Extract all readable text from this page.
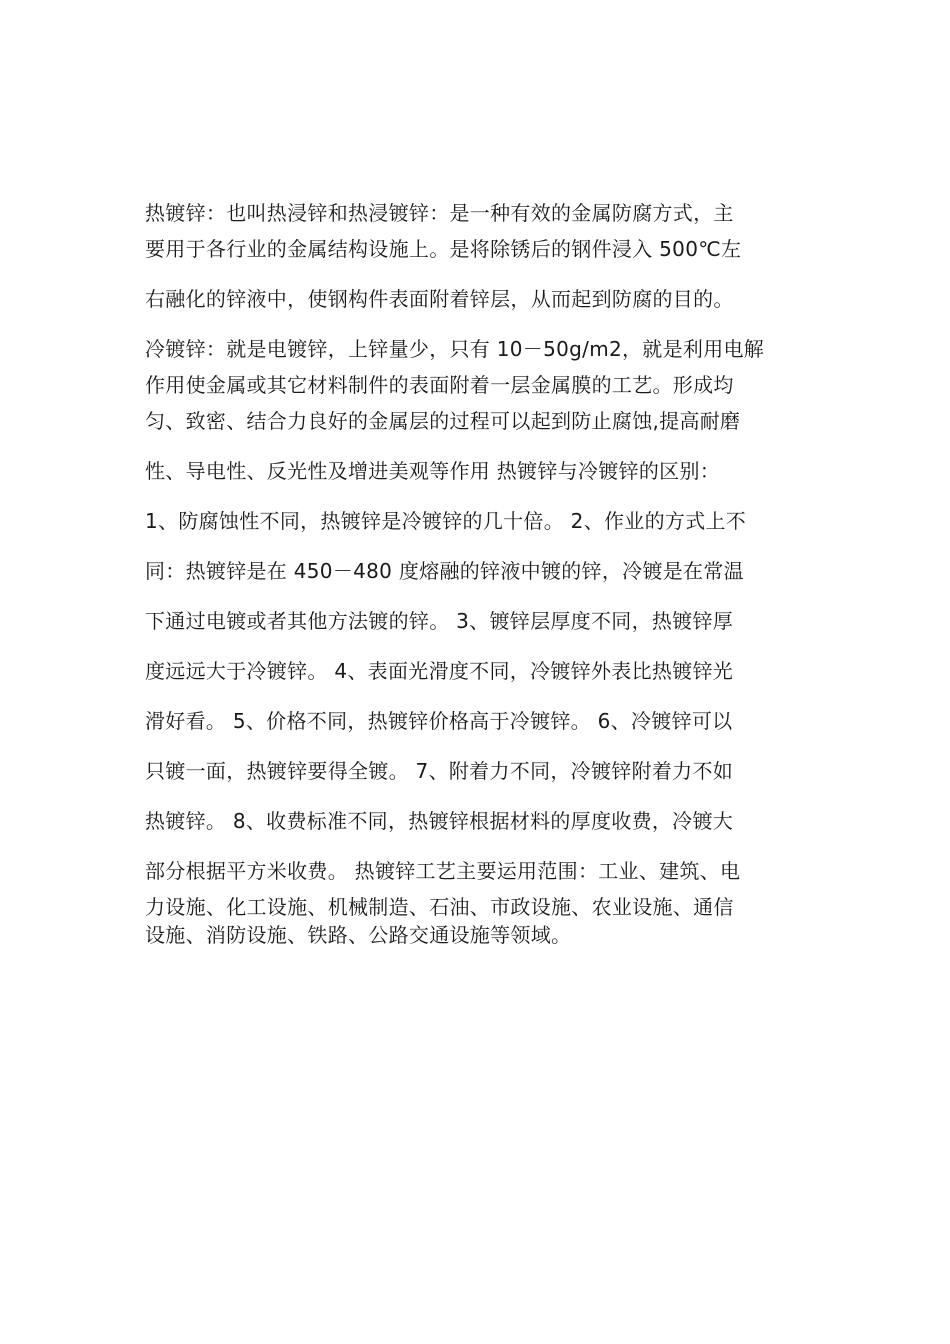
热镀锌：也叫热浸锌和热浸镀锌：是一种有效的金属防腐方式，主
要用于各行业的金属结构设施上。是将除锈后的钢件浸入 500℃左
右融化的锌液中，使钢构件表面附着锌层，从而起到防腐的目的。
冷镀锌：就是电镀锌，上锌量少，只有 10－50g/m2，就是利用电解
作用使金属或其它材料制件的表面附着一层金属膜的工艺。形成均
匀、致密、结合力良好的金属层的过程可以起到防止腐蚀,提高耐磨
性、导电性、反光性及增进美观等作用 热镀锌与冷镀锌的区别：
1、防腐蚀性不同，热镀锌是冷镀锌的几十倍。 2、作业的方式上不
同：热镀锌是在 450－480 度熔融的锌液中镀的锌，冷镀是在常温
下通过电镀或者其他方法镀的锌。 3、镀锌层厚度不同，热镀锌厚
度远远大于冷镀锌。 4、表面光滑度不同，冷镀锌外表比热镀锌光
滑好看。 5、价格不同，热镀锌价格高于冷镀锌。 6、冷镀锌可以
只镀一面，热镀锌要得全镀。 7、附着力不同，冷镀锌附着力不如
热镀锌。 8、收费标准不同，热镀锌根据材料的厚度收费，冷镀大
部分根据平方米收费。 热镀锌工艺主要运用范围：工业、建筑、电
力设施、化工设施、机械制造、石油、市政设施、农业设施、通信
设施、消防设施、铁路、公路交通设施等领域。
